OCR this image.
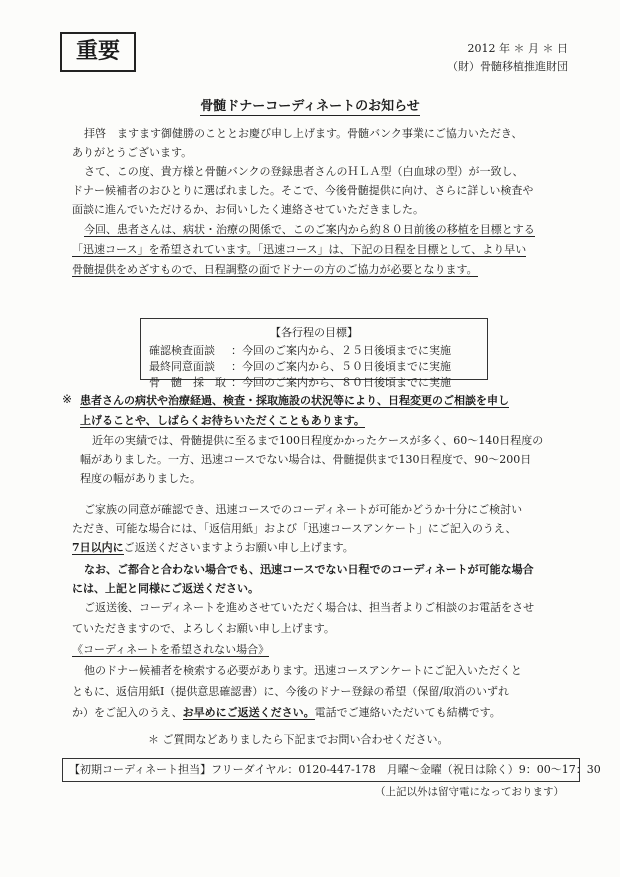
重要	2012 年 ＊ 月 ＊ 日
（財）骨髄移植推進財団
骨髄ドナーコーディネートのお知らせ
拝啓　ますます御健勝のこととお慶び申し上げます。骨髄バンク事業にご協力いただき、
ありがとうございます。
さて、この度、貴方様と骨髄バンクの登録患者さんのＨＬＡ型（白血球の型）が一致し、
ドナー候補者のおひとりに選ばれました。そこで、今後骨髄提供に向け、さらに詳しい検査や
面談に進んでいただけるか、お伺いしたく連絡させていただきました。
今回、患者さんは、病状・治療の関係で、このご案内から約８０日前後の移植を目標とする
「迅速コース」を希望されています。「迅速コース」は、下記の日程を目標として、より早い
骨髄提供をめざすもので、日程調整の面でドナーの方のご協力が必要となります。
【各行程の目標】
確認検査面談 ：今回のご案内から、２５日後頃までに実施
最終同意面談 ：今回のご案内から、５０日後頃までに実施
骨　髄　採　取 ：今回のご案内から、８０日後頃までに実施
※ 患者さんの病状や治療経過、検査・採取施設の状況等により、日程変更のご相談を申し
上げることや、しばらくお待ちいただくこともあります。
近年の実績では、骨髄提供に至るまで100日程度かかったケースが多く、60～140日程度の
幅がありました。一方、迅速コースでない場合は、骨髄提供まで130日程度で、90～200日
程度の幅がありました。
ご家族の同意が確認でき、迅速コースでのコーディネートが可能かどうか十分にご検討い
ただき、可能な場合には、「返信用紙」および「迅速コースアンケート」にご記入のうえ、
7日以内にご返送くださいますようお願い申し上げます。
なお、ご都合と合わない場合でも、迅速コースでない日程でのコーディネートが可能な場合
には、上記と同様にご返送ください。
ご返送後、コーディネートを進めさせていただく場合は、担当者よりご相談のお電話をさせ
ていただきますので、よろしくお願い申し上げます。
《コーディネートを希望されない場合》
他のドナー候補者を検索する必要があります。迅速コースアンケートにご記入いただくと
ともに、返信用紙Ⅰ（提供意思確認書）に、今後のドナー登録の希望（保留/取消のいずれ
か）をご記入のうえ、お早めにご返送ください。電話でご連絡いただいても結構です。
＊ ご質問などありましたら下記までお問い合わせください。
【初期コーディネート担当】フリーダイヤル：0120-447-178　月曜～金曜（祝日は除く）9：00～17：30
（上記以外は留守電になっております）
